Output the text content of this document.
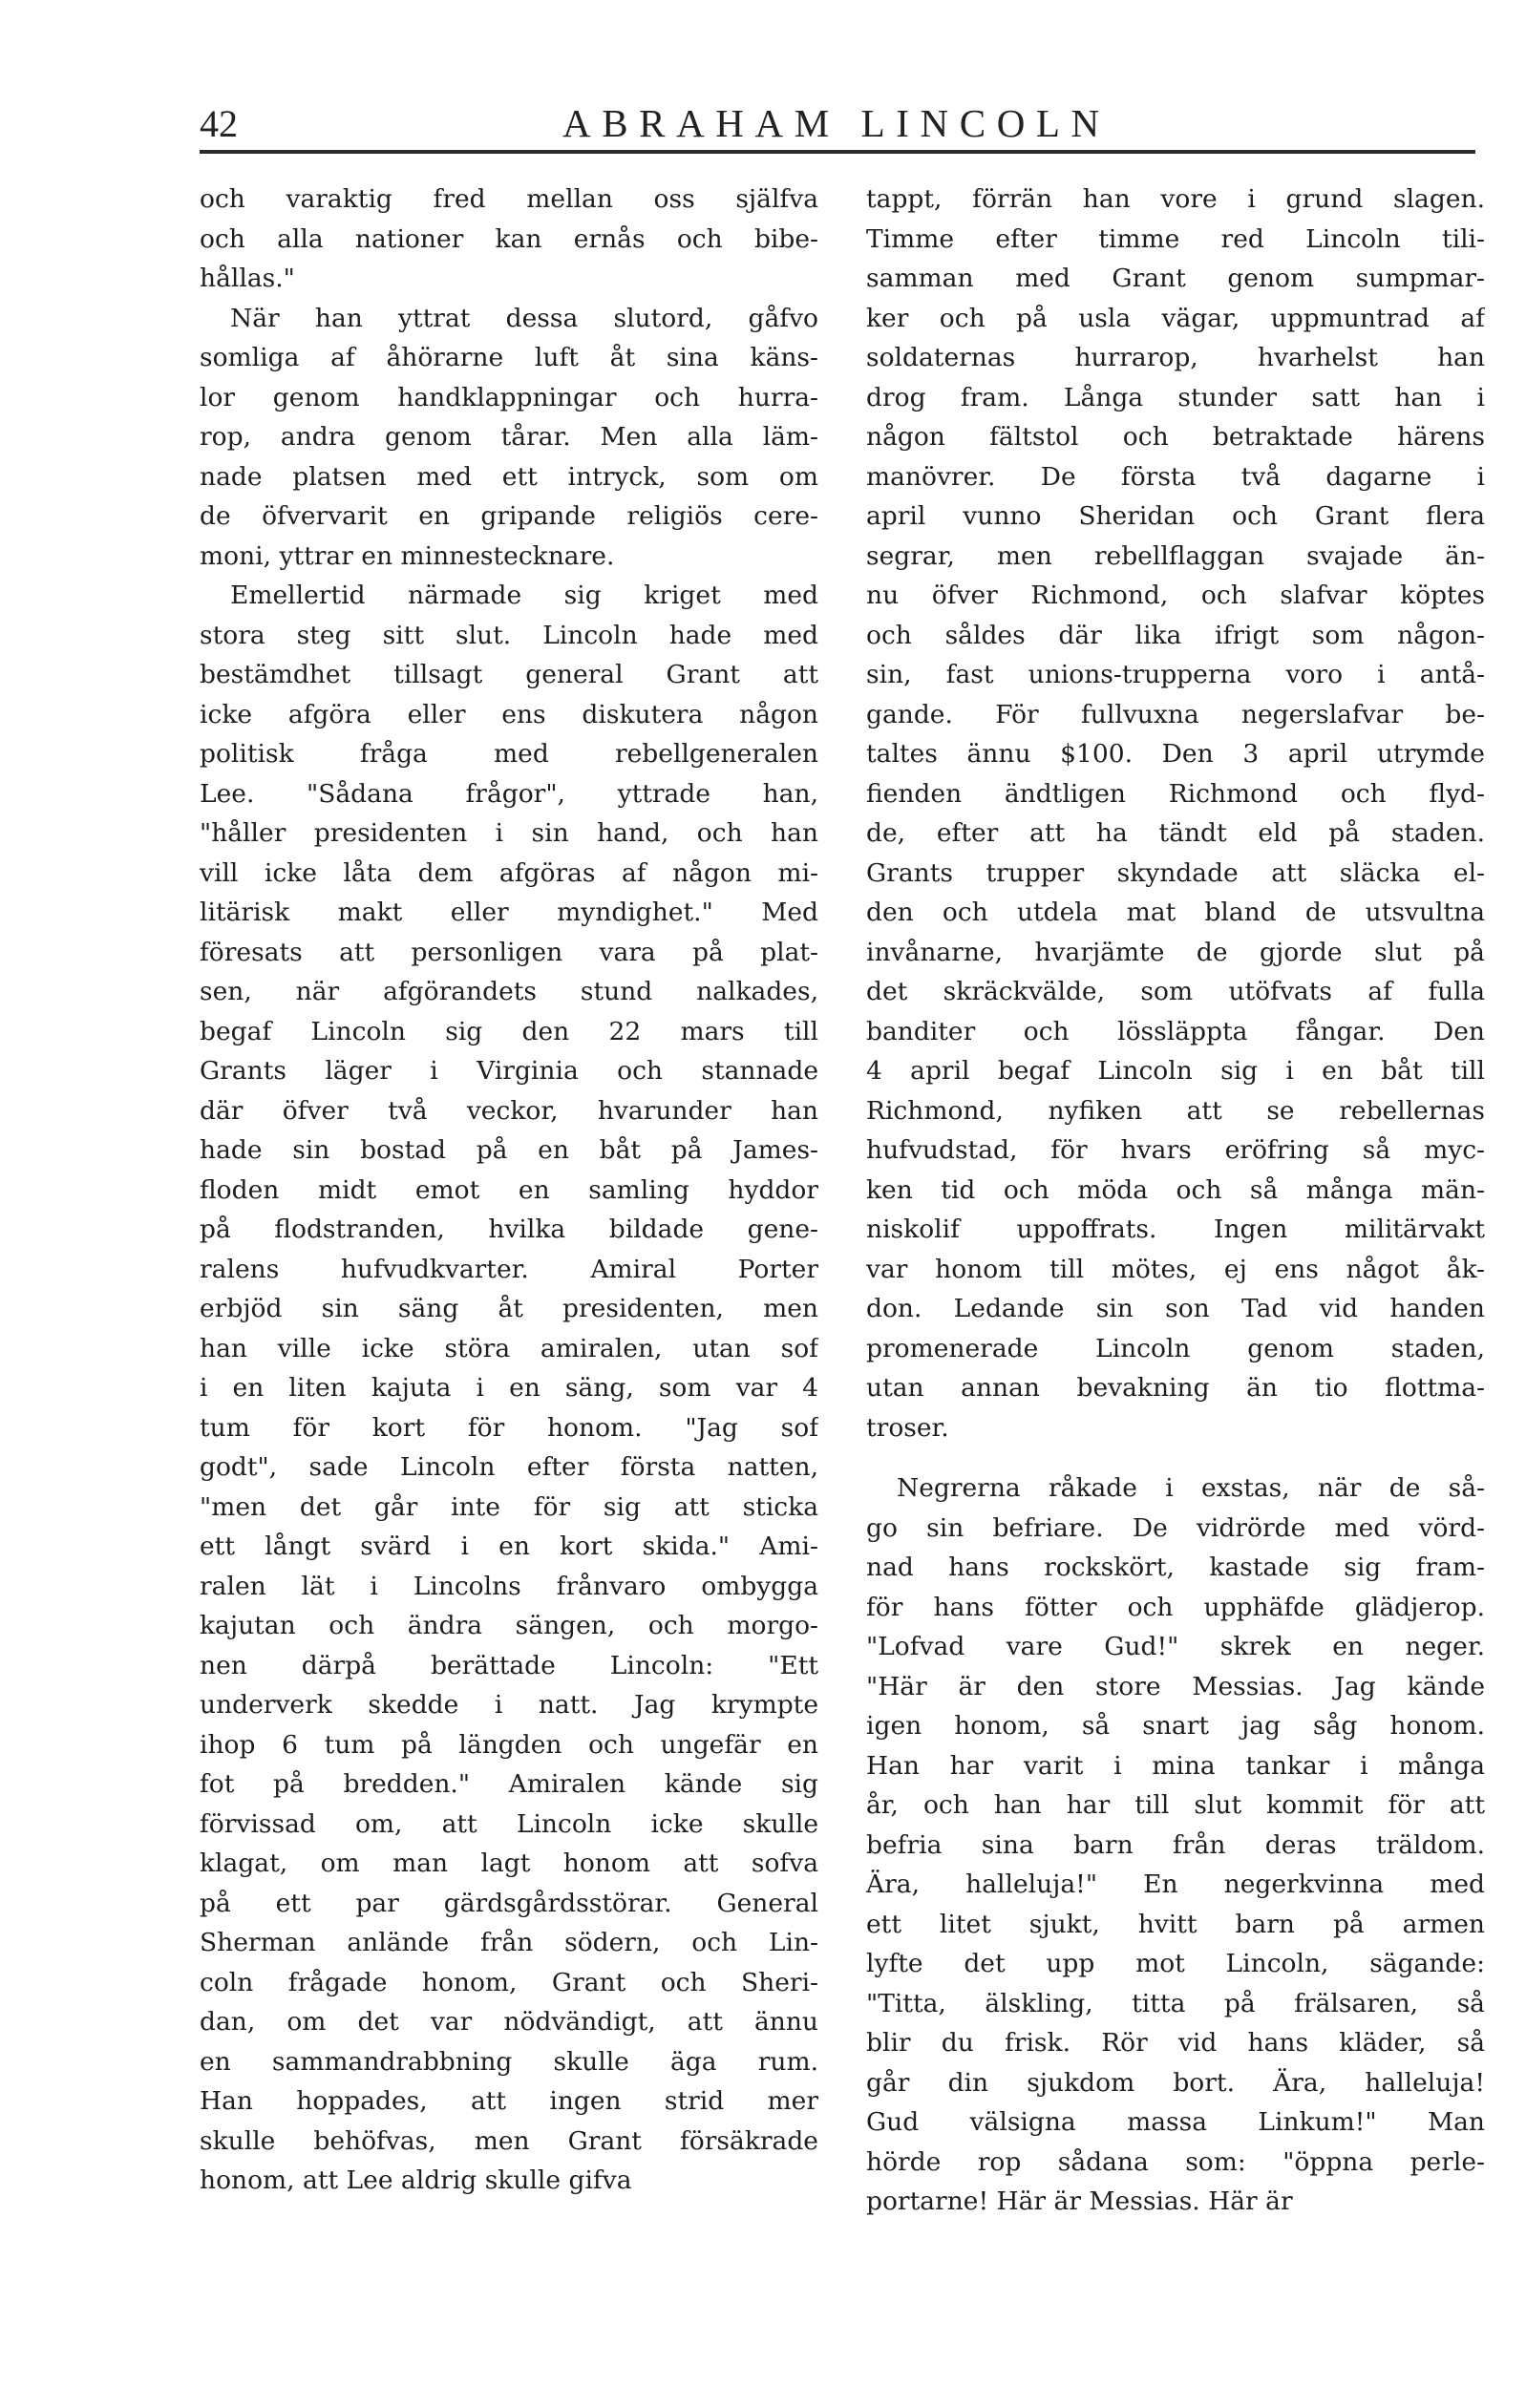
42	ABRAHAM LINCOLN
och varaktig fred mellan oss själfva
och alla nationer kan ernås och bibe-
hållas."
När han yttrat dessa slutord, gåfvo
somliga af åhörarne luft åt sina käns-
lor genom handklappningar och hurra-
rop, andra genom tårar. Men alla läm-
nade platsen med ett intryck, som om
de öfvervarit en gripande religiös cere-
moni, yttrar en minnestecknare.
Emellertid närmade sig kriget med
stora steg sitt slut. Lincoln hade med
bestämdhet tillsagt general Grant att
icke afgöra eller ens diskutera någon
politisk fråga med rebellgeneralen
Lee. "Sådana frågor", yttrade han,
"håller presidenten i sin hand, och han
vill icke låta dem afgöras af någon mi-
litärisk makt eller myndighet." Med
föresats att personligen vara på plat-
sen, när afgörandets stund nalkades,
begaf Lincoln sig den 22 mars till
Grants läger i Virginia och stannade
där öfver två veckor, hvarunder han
hade sin bostad på en båt på James-
floden midt emot en samling hyddor
på flodstranden, hvilka bildade gene-
ralens hufvudkvarter. Amiral Porter
erbjöd sin säng åt presidenten, men
han ville icke störa amiralen, utan sof
i en liten kajuta i en säng, som var 4
tum för kort för honom. "Jag sof
godt", sade Lincoln efter första natten,
"men det går inte för sig att sticka
ett långt svärd i en kort skida." Ami-
ralen lät i Lincolns frånvaro ombygga
kajutan och ändra sängen, och morgo-
nen därpå berättade Lincoln: "Ett
underverk skedde i natt. Jag krympte
ihop 6 tum på längden och ungefär en
fot på bredden." Amiralen kände sig
förvissad om, att Lincoln icke skulle
klagat, om man lagt honom att sofva
på ett par gärdsgårdsstörar. General
Sherman anlände från södern, och Lin-
coln frågade honom, Grant och Sheri-
dan, om det var nödvändigt, att ännu
en sammandrabbning skulle äga rum.
Han hoppades, att ingen strid mer
skulle behöfvas, men Grant försäkrade
honom, att Lee aldrig skulle gifva
tappt, förrän han vore i grund slagen.
Timme efter timme red Lincoln tili-
samman med Grant genom sumpmar-
ker och på usla vägar, uppmuntrad af
soldaternas hurrarop, hvarhelst han
drog fram. Långa stunder satt han i
någon fältstol och betraktade härens
manövrer. De första två dagarne i
april vunno Sheridan och Grant flera
segrar, men rebellflaggan svajade än-
nu öfver Richmond, och slafvar köptes
och såldes där lika ifrigt som någon-
sin, fast unions-trupperna voro i antå-
gande. För fullvuxna negerslafvar be-
taltes ännu $100. Den 3 april utrymde
fienden ändtligen Richmond och flyd-
de, efter att ha tändt eld på staden.
Grants trupper skyndade att släcka el-
den och utdela mat bland de utsvultna
invånarne, hvarjämte de gjorde slut på
det skräckvälde, som utöfvats af fulla
banditer och lössläppta fångar. Den
4 april begaf Lincoln sig i en båt till
Richmond, nyfiken att se rebellernas
hufvudstad, för hvars eröfring så myc-
ken tid och möda och så många män-
niskolif uppoffrats. Ingen militärvakt
var honom till mötes, ej ens något åk-
don. Ledande sin son Tad vid handen
promenerade Lincoln genom staden,
utan annan bevakning än tio flottma-
troser.
Negrerna råkade i exstas, när de så-
go sin befriare. De vidrörde med vörd-
nad hans rockskört, kastade sig fram-
för hans fötter och upphäfde glädjerop.
"Lofvad vare Gud!" skrek en neger.
"Här är den store Messias. Jag kände
igen honom, så snart jag såg honom.
Han har varit i mina tankar i många
år, och han har till slut kommit för att
befria sina barn från deras träldom.
Ära, halleluja!" En negerkvinna med
ett litet sjukt, hvitt barn på armen
lyfte det upp mot Lincoln, sägande:
"Titta, älskling, titta på frälsaren, så
blir du frisk. Rör vid hans kläder, så
går din sjukdom bort. Ära, halleluja!
Gud välsigna massa Linkum!" Man
hörde rop sådana som: "öppna perle-
portarne! Här är Messias. Här är
